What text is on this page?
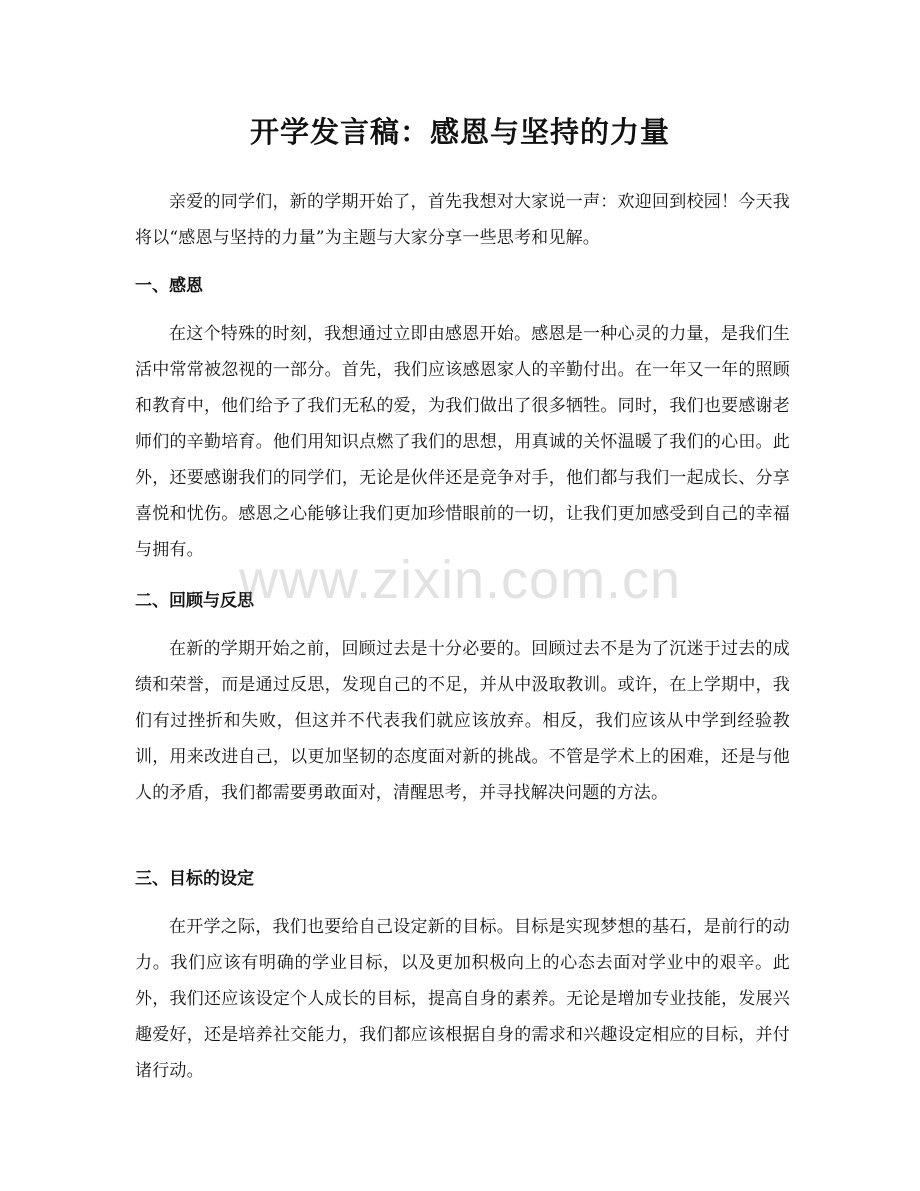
开学发言稿：感恩与坚持的力量

亲爱的同学们，新的学期开始了，首先我想对大家说一声：欢迎回到校园！今天我将以“感恩与坚持的力量”为主题与大家分享一些思考和见解。

一、感恩

在这个特殊的时刻，我想通过立即由感恩开始。感恩是一种心灵的力量，是我们生活中常常被忽视的一部分。首先，我们应该感恩家人的辛勤付出。在一年又一年的照顾和教育中，他们给予了我们无私的爱，为我们做出了很多牺牲。同时，我们也要感谢老师们的辛勤培育。他们用知识点燃了我们的思想，用真诚的关怀温暖了我们的心田。此外，还要感谢我们的同学们，无论是伙伴还是竞争对手，他们都与我们一起成长、分享喜悦和忧伤。感恩之心能够让我们更加珍惜眼前的一切，让我们更加感受到自己的幸福与拥有。

二、回顾与反思

在新的学期开始之前，回顾过去是十分必要的。回顾过去不是为了沉迷于过去的成绩和荣誉，而是通过反思，发现自己的不足，并从中汲取教训。或许，在上学期中，我们有过挫折和失败，但这并不代表我们就应该放弃。相反，我们应该从中学到经验教训，用来改进自己，以更加坚韧的态度面对新的挑战。不管是学术上的困难，还是与他人的矛盾，我们都需要勇敢面对，清醒思考，并寻找解决问题的方法。

三、目标的设定

在开学之际，我们也要给自己设定新的目标。目标是实现梦想的基石，是前行的动力。我们应该有明确的学业目标，以及更加积极向上的心态去面对学业中的艰辛。此外，我们还应该设定个人成长的目标，提高自身的素养。无论是增加专业技能，发展兴趣爱好，还是培养社交能力，我们都应该根据自身的需求和兴趣设定相应的目标，并付诸行动。

www.zixin.com.cn
